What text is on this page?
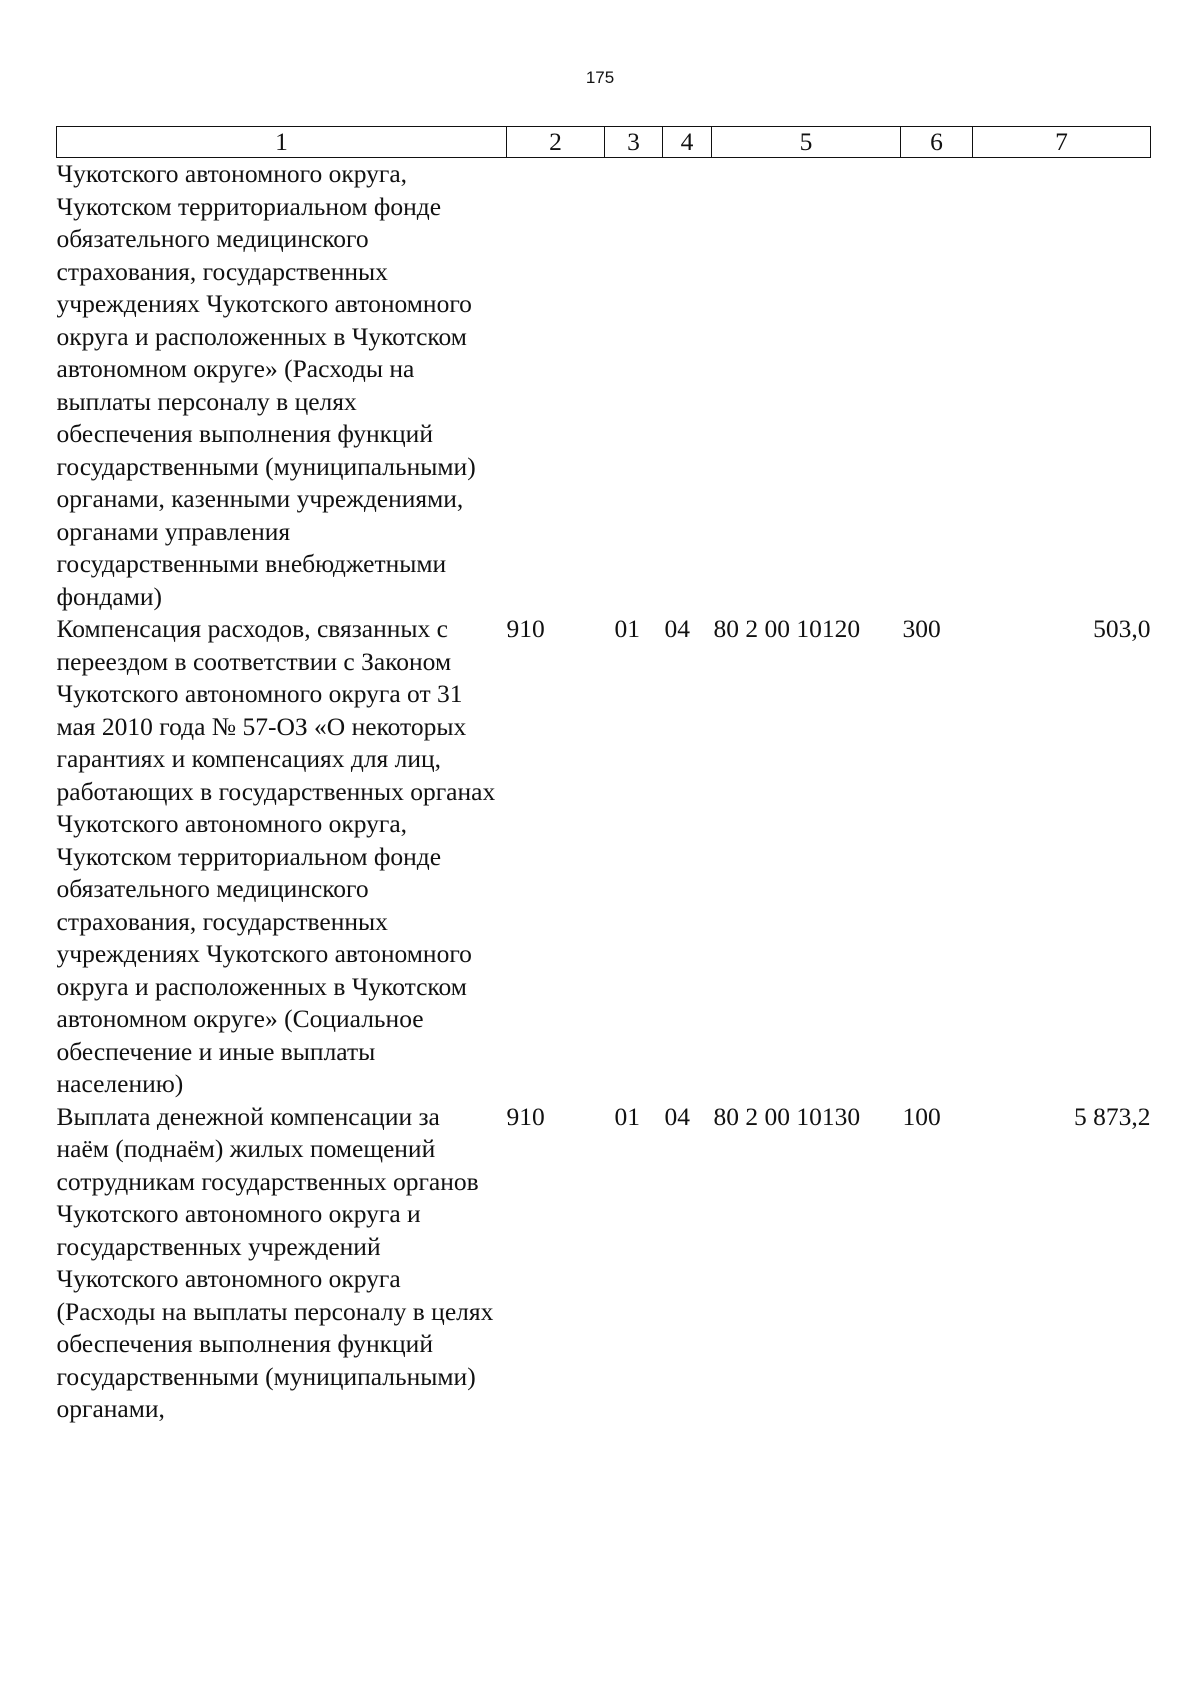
175
1	2	3	4	5	6	7
Чукотского автономного округа, Чукотском территориальном фонде обязательного медицинского страхования, государственных учреждениях Чукотского автономного округа и расположенных в Чукотском автономном округе» (Расходы на выплаты персоналу в целях обеспечения выполнения функций государственными (муниципальными) органами, казенными учреждениями, органами управления государственными внебюджетными фондами)						
Компенсация расходов, связанных с переездом в соответствии с Законом Чукотского автономного округа от 31 мая 2010 года № 57-ОЗ «О некоторых гарантиях и компенсациях для лиц, работающих в государственных органах Чукотского автономного округа, Чукотском территориальном фонде обязательного медицинского страхования, государственных учреждениях Чукотского автономного округа и расположенных в Чукотском автономном округе» (Социальное обеспечение и иные выплаты населению)	910	01	04	80 2 00 10120	300	503,0
Выплата денежной компенсации за наём (поднаём) жилых помещений сотрудникам государственных органов Чукотского автономного округа и государственных учреждений Чукотского автономного округа (Расходы на выплаты персоналу в целях обеспечения выполнения функций государственными (муниципальными) органами,	910	01	04	80 2 00 10130	100	5 873,2
